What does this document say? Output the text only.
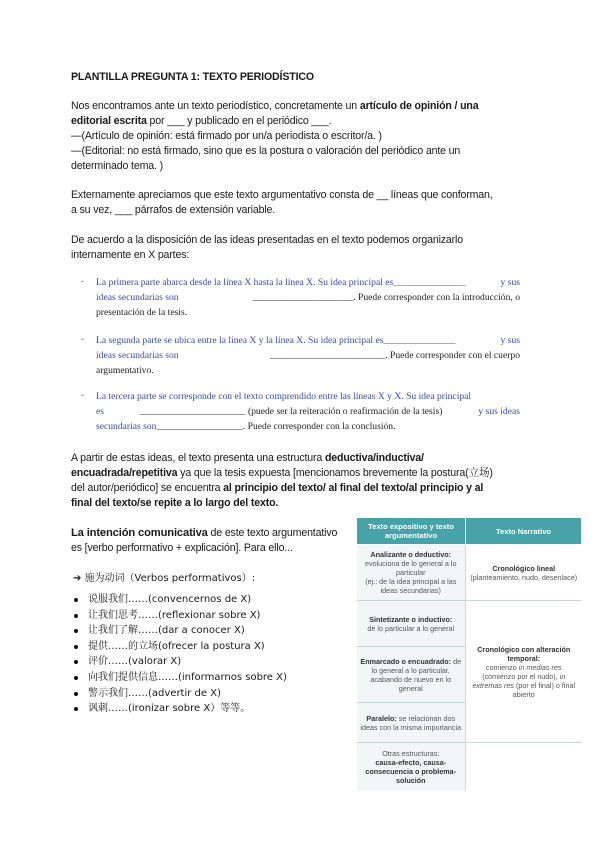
PLANTILLA PREGUNTA 1: TEXTO PERIODÍSTICO
Nos encontramos ante un texto periodístico, concretamente un artículo de opinión / una
editorial escrita por ___ y publicado en el periódico ___.
—(Artículo de opinión: está firmado por un/a periodista o escritor/a. )
—(Editorial: no está firmado, sino que es la postura o valoración del periódico ante un
determinado tema. )
Externamente apreciamos que este texto argumentativo consta de __ líneas que conforman,
a su vez, ___ párrafos de extensión variable.
De acuerdo a la disposición de las ideas presentadas en el texto podemos organizarlo
internamente en X partes:
- La primera parte abarca desde la línea X hasta la línea X. Su idea principal es_______________	y sus
ideas secundarias son	_____________________. Puede corresponder con la introducción, o
presentación de la tesis.
- La segunda parte se ubica entre la línea X y la línea X. Su idea principal es_______________	y sus
ideas secundarias son	________________________. Puede corresponder con el cuerpo
argumentativo.
- La tercera parte se corresponde con el texto comprendido entre las líneas X y X. Su idea principal
es	______________________ (puede ser la reiteración o reafirmación de la tesis)	y sus ideas
secundarias son__________________. Puede corresponder con la conclusión.
A partir de estas ideas, el texto presenta una estructura deductiva/inductiva/
encuadrada/repetitiva ya que la tesis expuesta [mencionamos brevemente la postura(立场)
del autor/periódico] se encuentra al principio del texto/ al final del texto/al principio y al
final del texto/se repite a lo largo del texto.
La intención comunicativa de este texto argumentativo
es [verbo performativo + explicación]. Para ello...
➔ 施为动词（Verbos performativos）:
说服我们……(convencernos de X)
让我们思考……(reflexionar sobre X)
让我们了解……(dar a conocer X)
提供……的立场(ofrecer la postura X)
评价……(valorar X)
向我们提供信息……(informarnos sobre X)
警示我们……(advertir de X)
讽刺……(ironizar sobre X）等等。
Texto expositivo y texto argumentativo	Texto Narrativo
Analizante o deductivo:
evoluciona de lo general a lo particular
(ej.: de la idea principal a las ideas secundarias)	Cronológico lineal
(planteamiento, nudo, desenlace)
Sintetizante o inductivo:
de lo particular a lo general	Cronológico con alteración temporal:
comienzo in medias res (comienzo por el nudo), in extremas res (por el final) o final abierto
Enmarcado o encuadrado: de lo general a lo particular, acabando de nuevo en lo general	
Paralelo: se relacionan dos ideas con la misma importancia	
Otras estructuras:
causa-efecto, causa-consecuencia o problema-solución	
